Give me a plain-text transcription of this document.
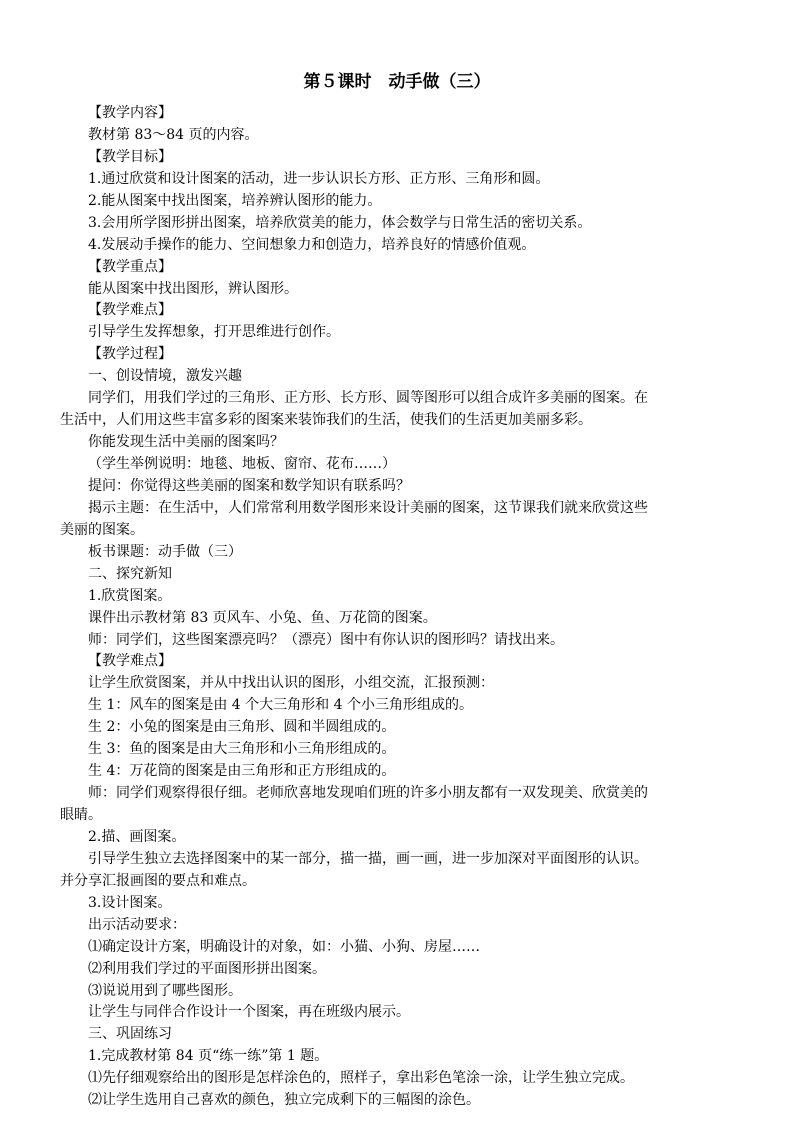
第５课时　动手做（三）
【教学内容】
教材第 83～84 页的内容。
【教学目标】
1.通过欣赏和设计图案的活动，进一步认识长方形、正方形、三角形和圆。
2.能从图案中找出图案，培养辨认图形的能力。
3.会用所学图形拼出图案，培养欣赏美的能力，体会数学与日常生活的密切关系。
4.发展动手操作的能力、空间想象力和创造力，培养良好的情感价值观。
【教学重点】
能从图案中找出图形，辨认图形。
【教学难点】
引导学生发挥想象，打开思维进行创作。
【教学过程】
一、创设情境，激发兴趣
同学们，用我们学过的三角形、正方形、长方形、圆等图形可以组合成许多美丽的图案。在
生活中，人们用这些丰富多彩的图案来装饰我们的生活，使我们的生活更加美丽多彩。
你能发现生活中美丽的图案吗？
（学生举例说明：地毯、地板、窗帘、花布……）
提问：你觉得这些美丽的图案和数学知识有联系吗？
揭示主题：在生活中，人们常常利用数学图形来设计美丽的图案，这节课我们就来欣赏这些
美丽的图案。
板书课题：动手做（三）
二、探究新知
1.欣赏图案。
课件出示教材第 83 页风车、小兔、鱼、万花筒的图案。
师：同学们，这些图案漂亮吗？（漂亮）图中有你认识的图形吗？请找出来。
【教学难点】
让学生欣赏图案，并从中找出认识的图形，小组交流，汇报预测：
生 1：风车的图案是由 4 个大三角形和 4 个小三角形组成的。
生 2：小兔的图案是由三角形、圆和半圆组成的。
生 3：鱼的图案是由大三角形和小三角形组成的。
生 4：万花筒的图案是由三角形和正方形组成的。
师：同学们观察得很仔细。老师欣喜地发现咱们班的许多小朋友都有一双发现美、欣赏美的
眼睛。
2.描、画图案。
引导学生独立去选择图案中的某一部分，描一描，画一画，进一步加深对平面图形的认识。
并分享汇报画图的要点和难点。
3.设计图案。
出示活动要求：
⑴确定设计方案，明确设计的对象，如：小猫、小狗、房屋……
⑵利用我们学过的平面图形拼出图案。
⑶说说用到了哪些图形。
让学生与同伴合作设计一个图案，再在班级内展示。
三、巩固练习
1.完成教材第 84 页“练一练”第 1 题。
⑴先仔细观察给出的图形是怎样涂色的，照样子，拿出彩色笔涂一涂，让学生独立完成。
⑵让学生选用自己喜欢的颜色，独立完成剩下的三幅图的涂色。
